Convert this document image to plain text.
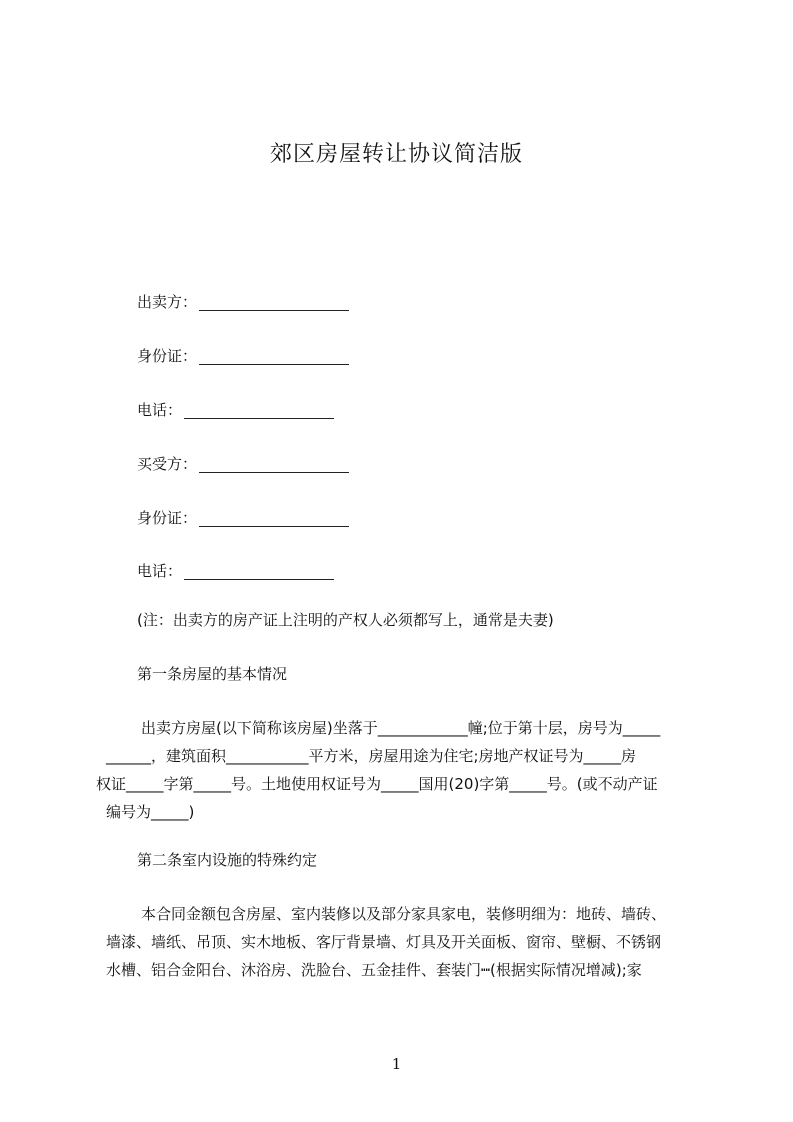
郊区房屋转让协议简洁版
出卖方：
身份证：
电话：
买受方：
身份证：
电话：
(注：出卖方的房产证上注明的产权人必须都写上，通常是夫妻)
第一条房屋的基本情况
出卖方房屋(以下简称该房屋)坐落于____________幢;位于第十层，房号为_____
______，建筑面积___________平方米，房屋用途为住宅;房地产权证号为_____房
权证_____字第_____号。土地使用权证号为_____国用(20)字第_____号。(或不动产证
编号为_____)
第二条室内设施的特殊约定
本合同金额包含房屋、室内装修以及部分家具家电，装修明细为：地砖、墙砖、
墙漆、墙纸、吊顶、实木地板、客厅背景墙、灯具及开关面板、窗帘、壁橱、不锈钢
水槽、铝合金阳台、沐浴房、洗脸台、五金挂件、套装门┉(根据实际情况增减);家
1
